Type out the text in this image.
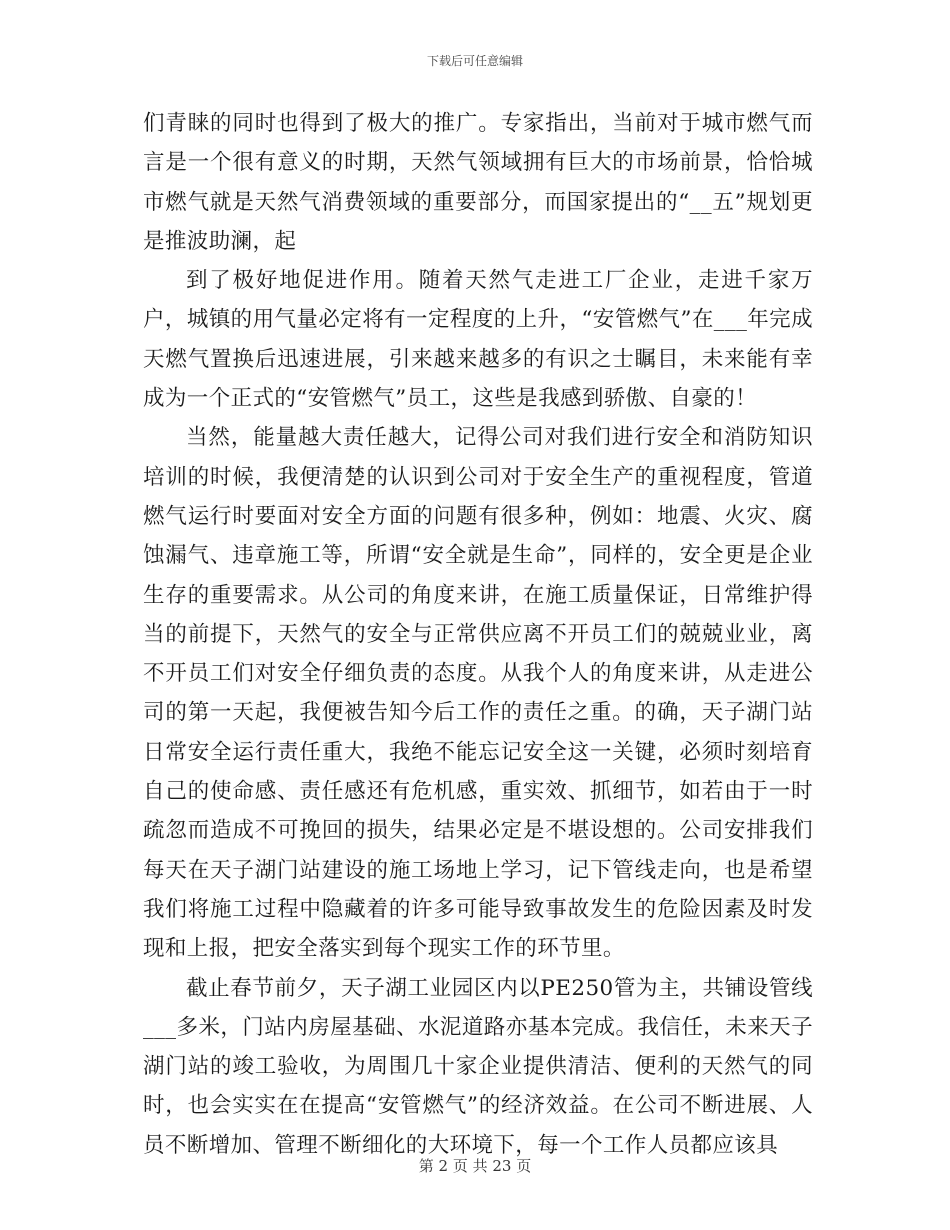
下载后可任意编辑

们青睐的同时也得到了极大的推广。专家指出，当前对于城市燃气而言是一个很有意义的时期，天然气领域拥有巨大的市场前景，恰恰城市燃气就是天然气消费领域的重要部分，而国家提出的“__五”规划更是推波助澜，起

到了极好地促进作用。随着天然气走进工厂企业，走进千家万户，城镇的用气量必定将有一定程度的上升，“安管燃气”在___年完成天燃气置换后迅速进展，引来越来越多的有识之士瞩目，未来能有幸成为一个正式的“安管燃气”员工，这些是我感到骄傲、自豪的！

当然，能量越大责任越大，记得公司对我们进行安全和消防知识培训的时候，我便清楚的认识到公司对于安全生产的重视程度，管道燃气运行时要面对安全方面的问题有很多种，例如：地震、火灾、腐蚀漏气、违章施工等，所谓“安全就是生命”，同样的，安全更是企业生存的重要需求。从公司的角度来讲，在施工质量保证，日常维护得当的前提下，天然气的安全与正常供应离不开员工们的兢兢业业，离不开员工们对安全仔细负责的态度。从我个人的角度来讲，从走进公司的第一天起，我便被告知今后工作的责任之重。的确，天子湖门站日常安全运行责任重大，我绝不能忘记安全这一关键，必须时刻培育自己的使命感、责任感还有危机感，重实效、抓细节，如若由于一时疏忽而造成不可挽回的损失，结果必定是不堪设想的。公司安排我们每天在天子湖门站建设的施工场地上学习，记下管线走向，也是希望我们将施工过程中隐藏着的许多可能导致事故发生的危险因素及时发现和上报，把安全落实到每个现实工作的环节里。

截止春节前夕，天子湖工业园区内以PE250管为主，共铺设管线___多米，门站内房屋基础、水泥道路亦基本完成。我信任，未来天子湖门站的竣工验收，为周围几十家企业提供清洁、便利的天然气的同时，也会实实在在提高“安管燃气”的经济效益。在公司不断进展、人员不断增加、管理不断细化的大环境下，每一个工作人员都应该具

第 2 页 共 23 页
